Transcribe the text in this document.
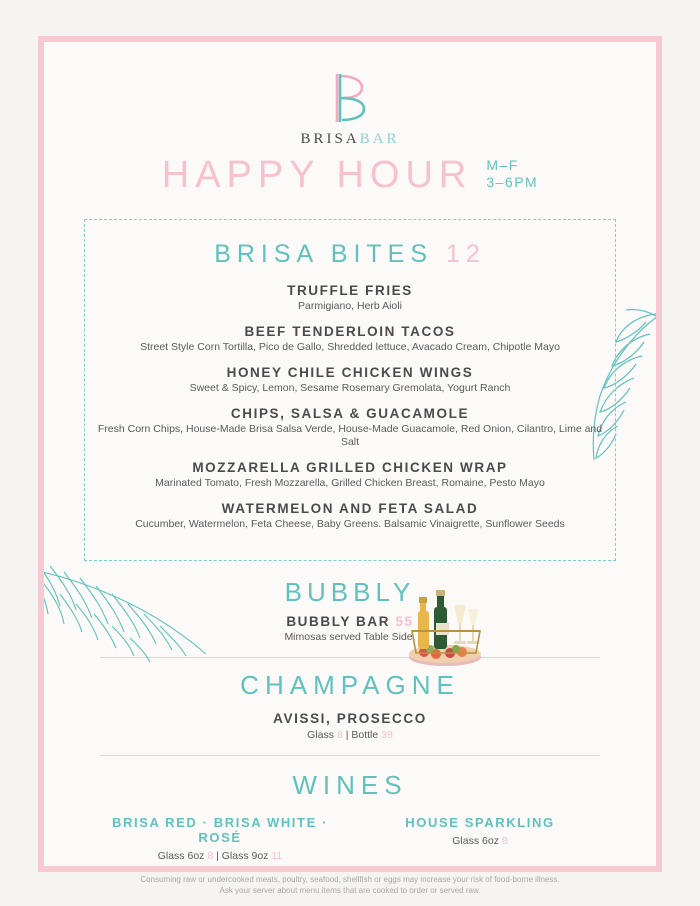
BRISABAR
HAPPY HOUR M–F
3–6PM
BRISA BITES 12
TRUFFLE FRIES
Parmigiano, Herb Aioli
BEEF TENDERLOIN TACOS
Street Style Corn Tortilla, Pico de Gallo, Shredded lettuce, Avacado Cream, Chipotle Mayo
HONEY CHILE CHICKEN WINGS
Sweet & Spicy, Lemon, Sesame Rosemary Gremolata, Yogurt Ranch
CHIPS, SALSA & GUACAMOLE
Fresh Corn Chips, House-Made Brisa Salsa Verde, House-Made Guacamole, Red Onion, Cilantro, Lime and Salt
MOZZARELLA GRILLED CHICKEN WRAP
Marinated Tomato, Fresh Mozzarella, Grilled Chicken Breast, Romaine, Pesto Mayo
WATERMELON AND FETA SALAD
Cucumber, Watermelon, Feta Cheese, Baby Greens. Balsamic Vinaigrette, Sunflower Seeds
BUBBLY
BUBBLY BAR 55
Mimosas served Table Side,
CHAMPAGNE
AVISSI, PROSECCO
Glass 8 | Bottle 38
WINES
BRISA RED · BRISA WHITE · ROSÉ
Glass 6oz 8 | Glass 9oz 11
HOUSE SPARKLING
Glass 6oz 8
Consuming raw or undercooked meats, poultry, seafood, shellfish or eggs may increase your risk of food-borne illness.
Ask your server about menu items that are cooked to order or served raw.
